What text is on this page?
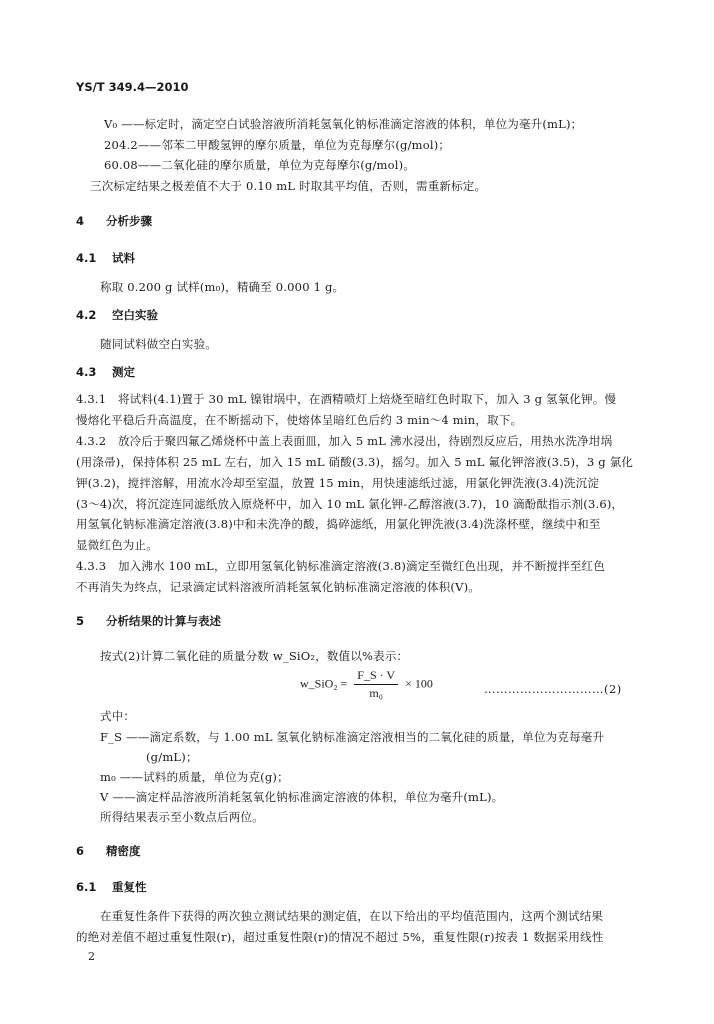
YS/T 349.4—2010
V₀ ——标定时，滴定空白试验溶液所消耗氢氧化钠标准滴定溶液的体积，单位为毫升(mL)；
204.2——邻苯二甲酸氢钾的摩尔质量，单位为克每摩尔(g/mol)；
60.08——二氧化硅的摩尔质量，单位为克每摩尔(g/mol)。
三次标定结果之极差值不大于 0.10 mL 时取其平均值，否则，需重新标定。
4 分析步骤
4.1 试料
称取 0.200 g 试样(m₀)，精确至 0.000 1 g。
4.2 空白实验
随同试料做空白实验。
4.3 测定
4.3.1　将试料(4.1)置于 30 mL 镍钳埚中，在酒精喷灯上焙烧至暗红色时取下，加入 3 g 氢氧化钾。慢
慢熔化平稳后升高温度，在不断摇动下，使熔体呈暗红色后约 3 min～4 min，取下。
4.3.2　放冷后于聚四氟乙烯烧杯中盖上表面皿，加入 5 mL 沸水浸出，待剧烈反应后，用热水洗净坩埚
(用涤帚)，保持体积 25 mL 左右，加入 15 mL 硝酸(3.3)，摇匀。加入 5 mL 氟化钾溶液(3.5)，3 g 氯化
钾(3.2)，搅拌溶解，用流水冷却至室温，放置 15 min，用快速滤纸过滤，用氯化钾洗液(3.4)洗沉淀
(3～4)次，将沉淀连同滤纸放入原烧杯中，加入 10 mL 氯化钾-乙醇溶液(3.7)，10 滴酚酞指示剂(3.6)，
用氢氧化钠标准滴定溶液(3.8)中和未洗净的酸，捣碎滤纸，用氯化钾洗液(3.4)洗涤杯壁，继续中和至
显微红色为止。
4.3.3　加入沸水 100 mL，立即用氢氧化钠标准滴定溶液(3.8)滴定至微红色出现，并不断搅拌至红色
不再消失为终点，记录滴定试料溶液所消耗氢氧化钠标准滴定溶液的体积(V)。
5 分析结果的计算与表述
按式(2)计算二氧化硅的质量分数 w_SiO₂，数值以%表示：
w_SiO₂ = $\frac{F\_S \cdot V}{\text{m₀}} \times 100$	…………………………(2)
式中：
F_S ——滴定系数，与 1.00 mL 氢氧化钠标准滴定溶液相当的二氧化硅的质量，单位为克每毫升
(g/mL)；
m₀ ——试料的质量，单位为克(g)；
V ——滴定样品溶液所消耗氢氧化钠标准滴定溶液的体积，单位为毫升(mL)。
所得结果表示至小数点后两位。
6 精密度
6.1 重复性
在重复性条件下获得的两次独立测试结果的测定值，在以下给出的平均值范围内，这两个测试结果
的绝对差值不超过重复性限(r)，超过重复性限(r)的情况不超过 5%，重复性限(r)按表 1 数据采用线性
2
